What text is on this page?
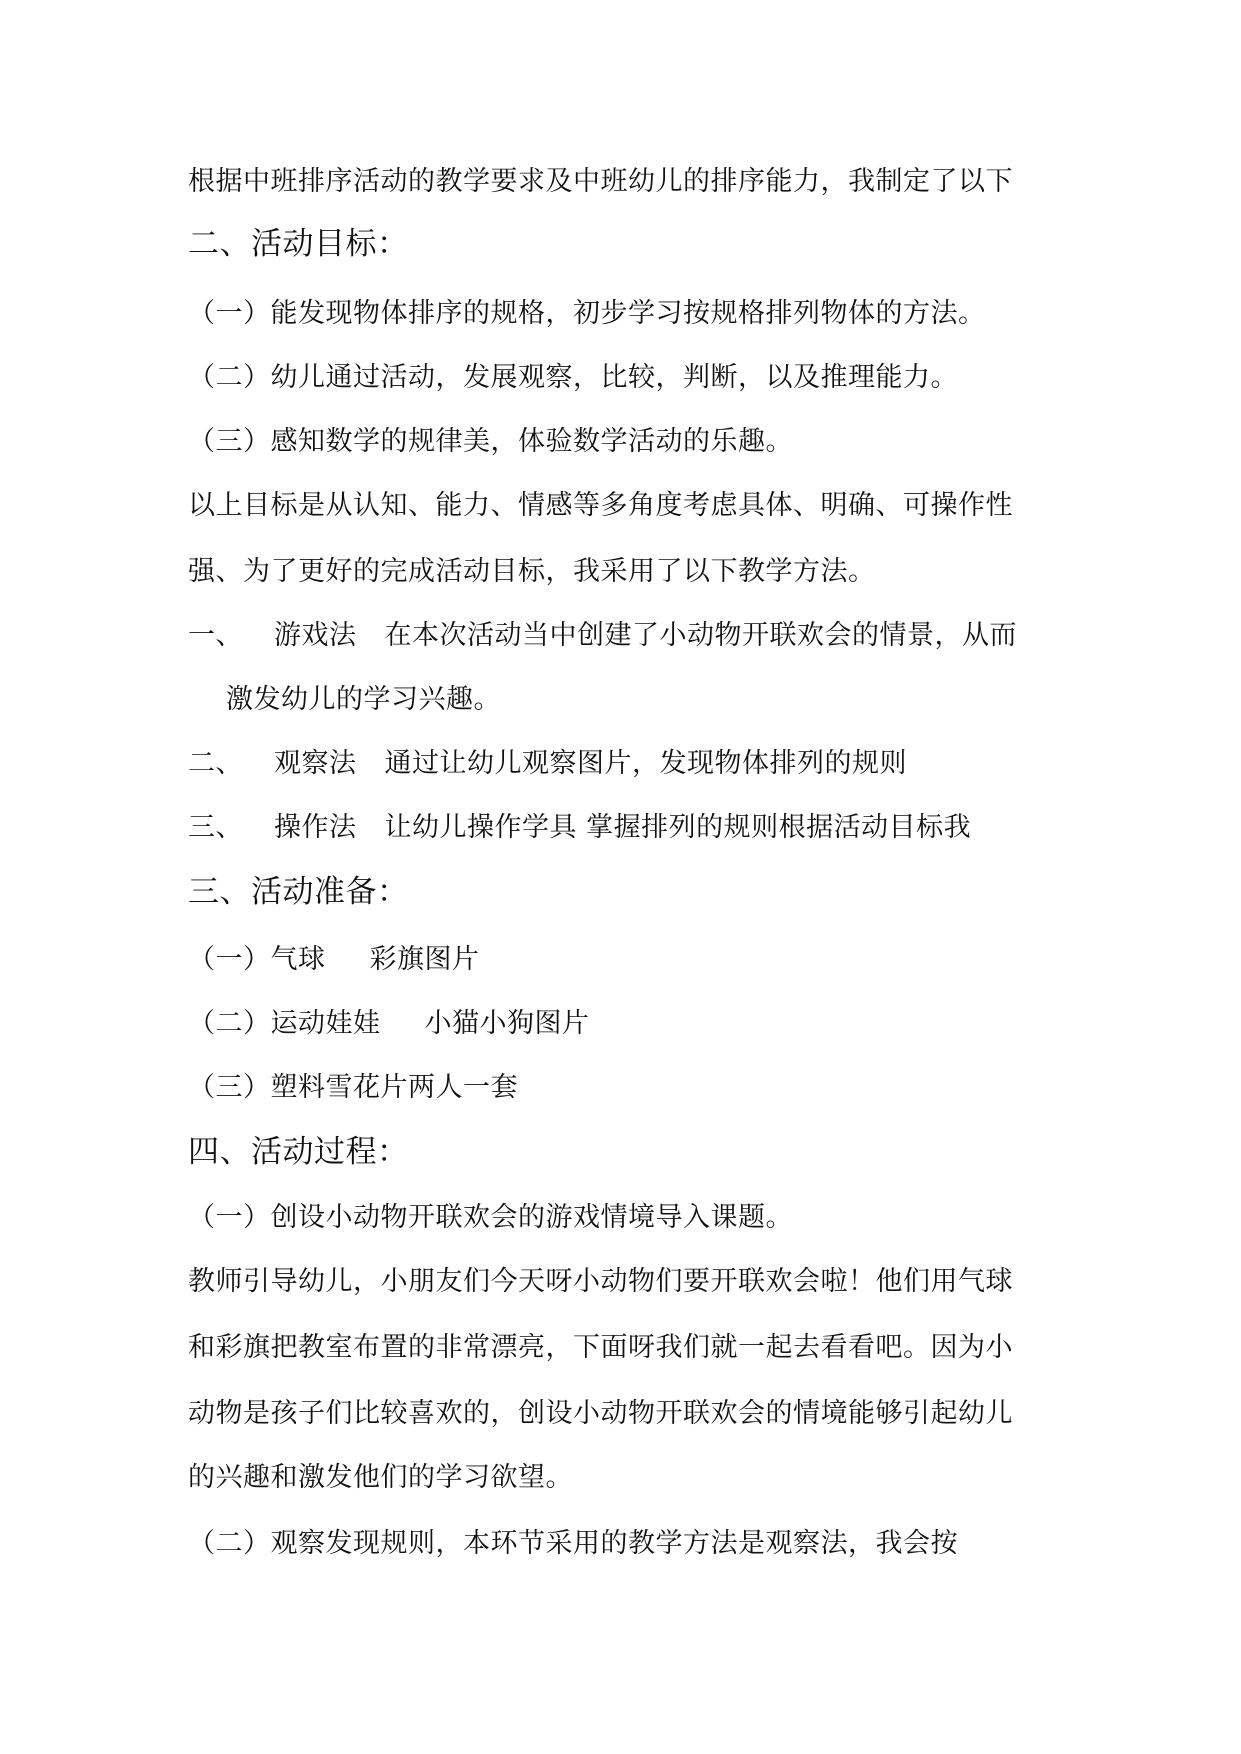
根据中班排序活动的教学要求及中班幼儿的排序能力，我制定了以下
二、活动目标：
（一）能发现物体排序的规格，初步学习按规格排列物体的方法。
（二）幼儿通过活动，发展观察，比较，判断，以及推理能力。
（三）感知数学的规律美，体验数学活动的乐趣。
以上目标是从认知、能力、情感等多角度考虑具体、明确、可操作性
强、为了更好的完成活动目标，我采用了以下教学方法。
一、 游戏法 在本次活动当中创建了小动物开联欢会的情景，从而
激发幼儿的学习兴趣。
二、 观察法 通过让幼儿观察图片，发现物体排列的规则
三、 操作法 让幼儿操作学具 掌握排列的规则根据活动目标我
三、活动准备：
（一）气球 彩旗图片
（二）运动娃娃 小猫小狗图片
（三）塑料雪花片两人一套
四、活动过程：
（一）创设小动物开联欢会的游戏情境导入课题。
教师引导幼儿，小朋友们今天呀小动物们要开联欢会啦！他们用气球
和彩旗把教室布置的非常漂亮，下面呀我们就一起去看看吧。因为小
动物是孩子们比较喜欢的，创设小动物开联欢会的情境能够引起幼儿
的兴趣和激发他们的学习欲望。
（二）观察发现规则，本环节采用的教学方法是观察法，我会按
